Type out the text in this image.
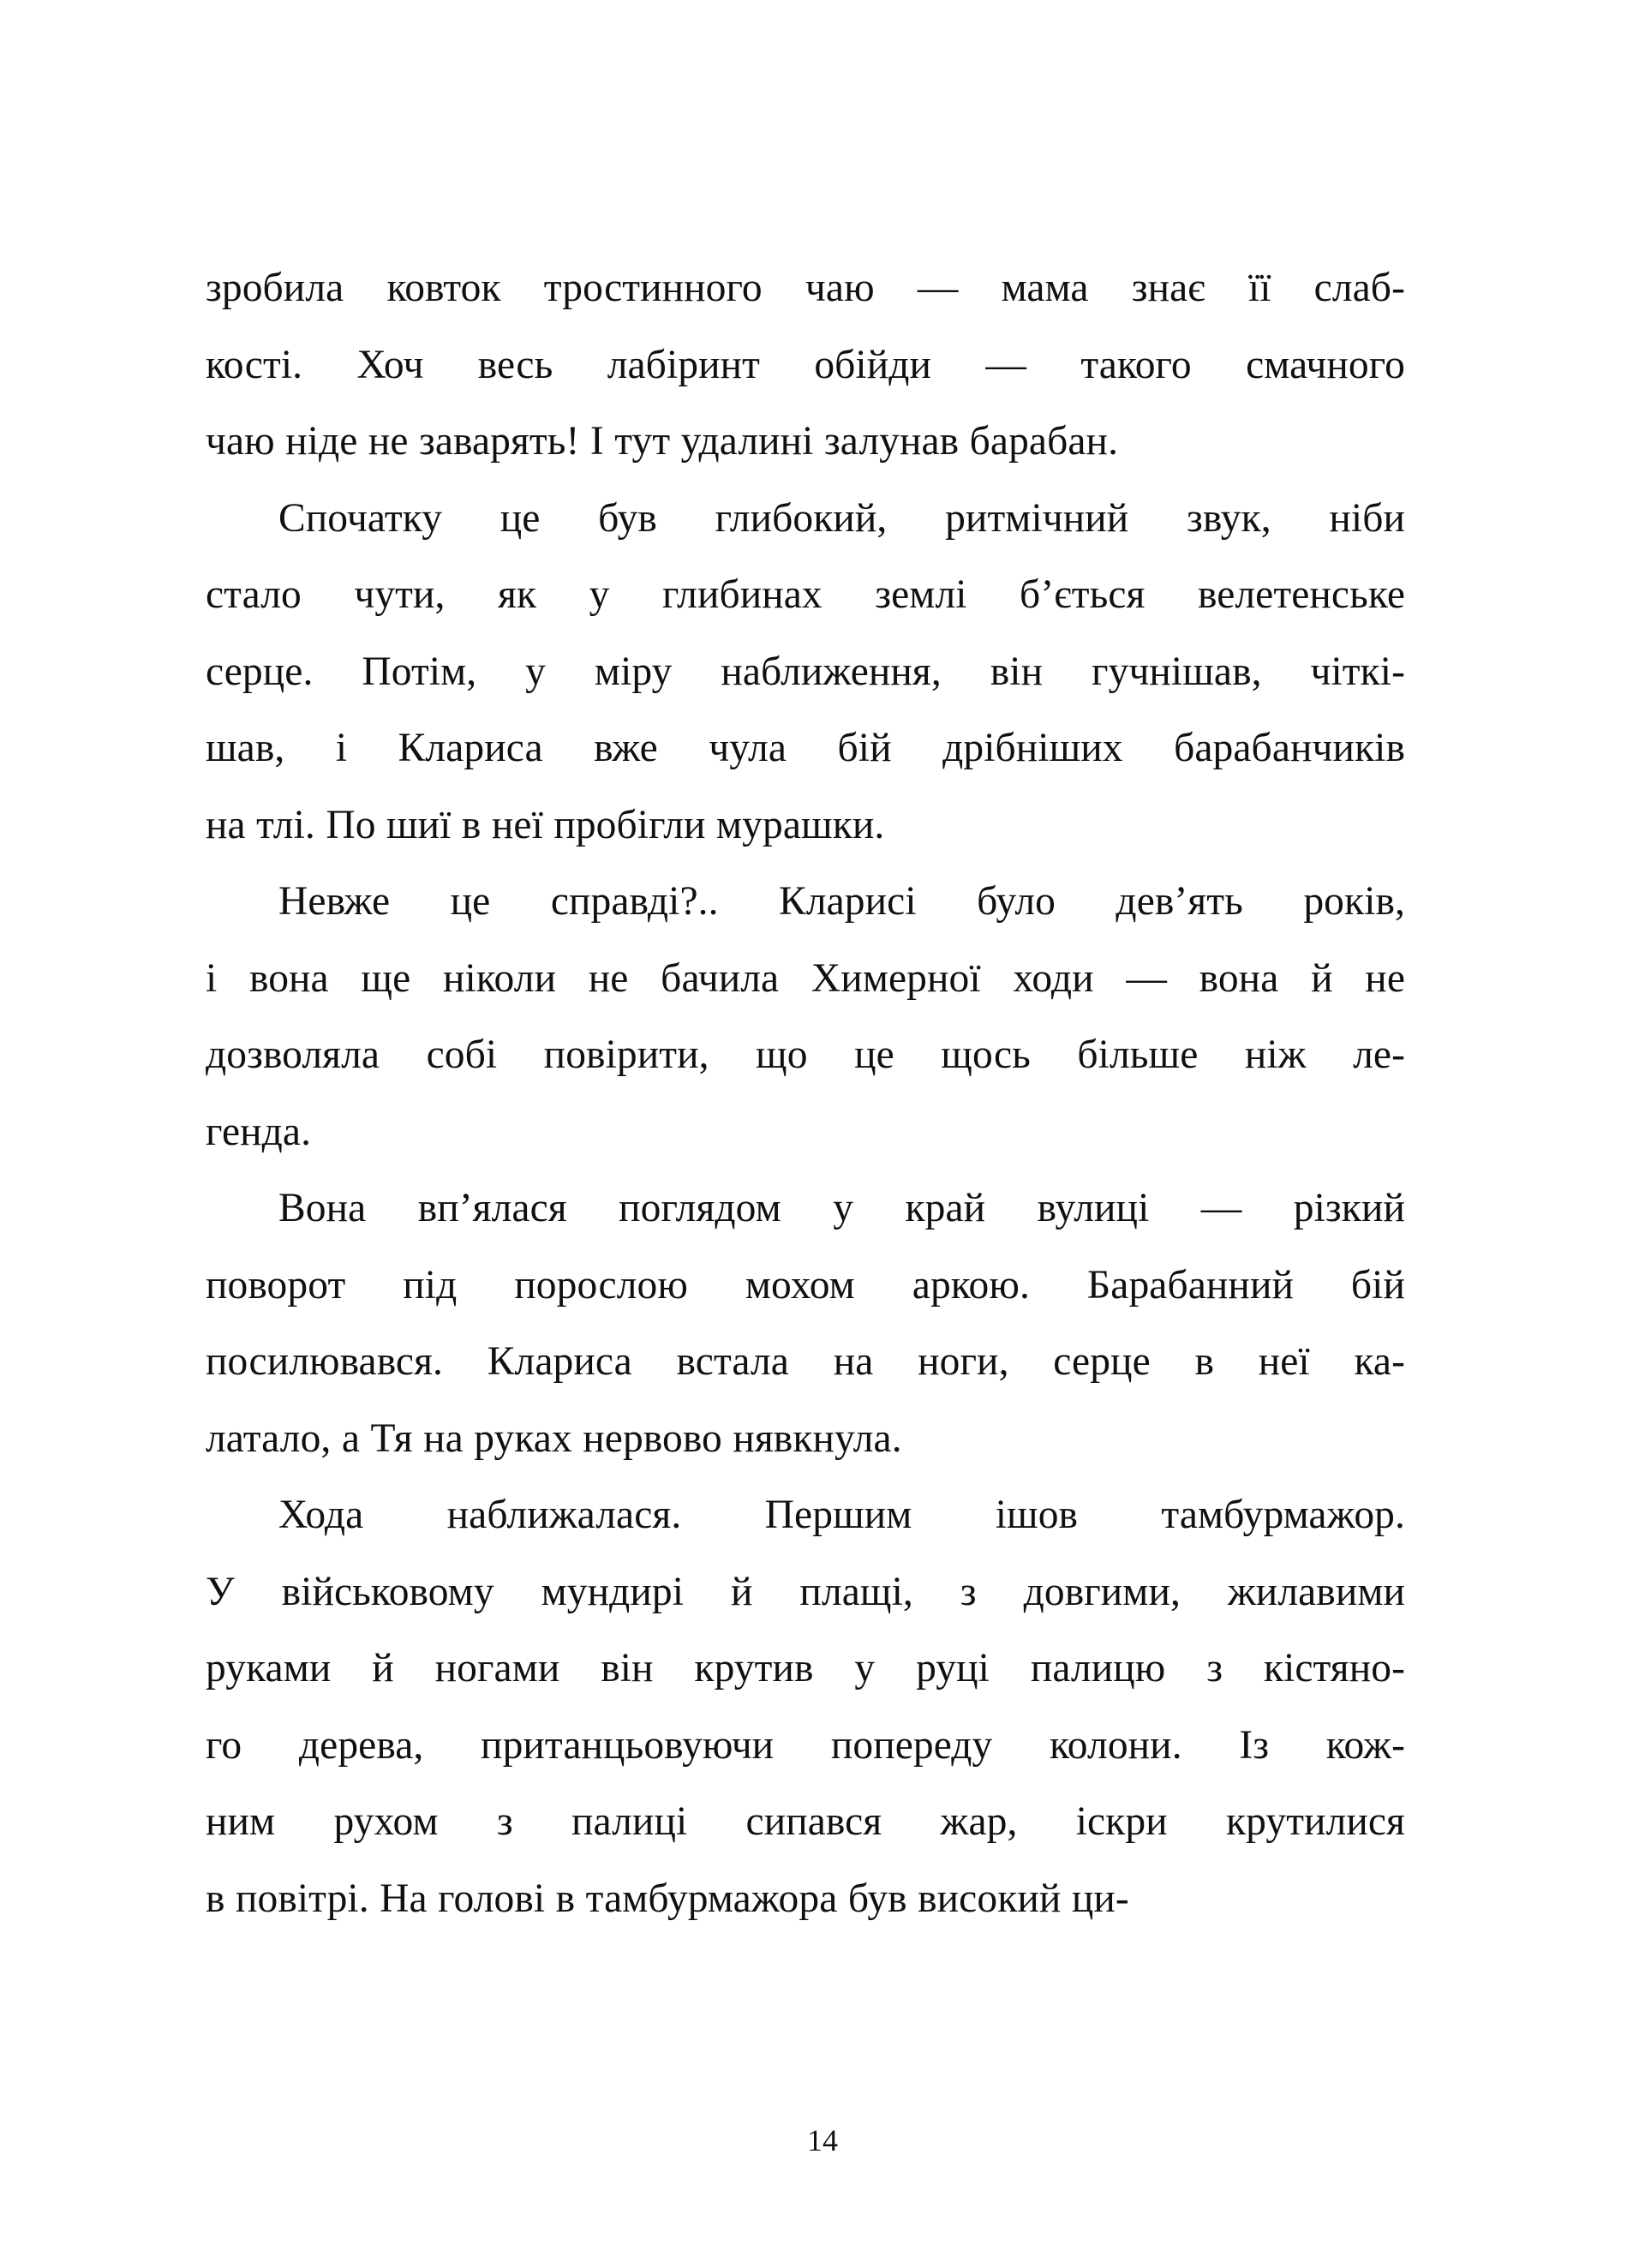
зробила ковток тростинного чаю — мама знає її слаб-
кості. Хоч весь лабіринт обійди — такого смачного
чаю ніде не заварять! І тут удалині залунав барабан.

Спочатку це був глибокий, ритмічний звук, ніби
стало чути, як у глибинах землі б’ється велетенське
серце. Потім, у міру наближення, він гучнішав, чіткі-
шав, і Клариса вже чула бій дрібніших барабанчиків
на тлі. По шиї в неї пробігли мурашки.

Невже це справді?.. Кларисі було дев’ять років,
і вона ще ніколи не бачила Химерної ходи — вона й не
дозволяла собі повірити, що це щось більше ніж ле-
генда.

Вона вп’ялася поглядом у край вулиці — різкий
поворот під порослою мохом аркою. Барабанний бій
посилювався. Клариса встала на ноги, серце в неї ка-
латало, а Тя на руках нервово нявкнула.

Хода наближалася. Першим ішов тамбурмажор.
У військовому мундирі й плащі, з довгими, жилавими
руками й ногами він крутив у руці палицю з кістяно-
го дерева, пританцьовуючи попереду колони. Із кож-
ним рухом з палиці сипався жар, іскри крутилися
в повітрі. На голові в тамбурмажора був високий ци-

14
